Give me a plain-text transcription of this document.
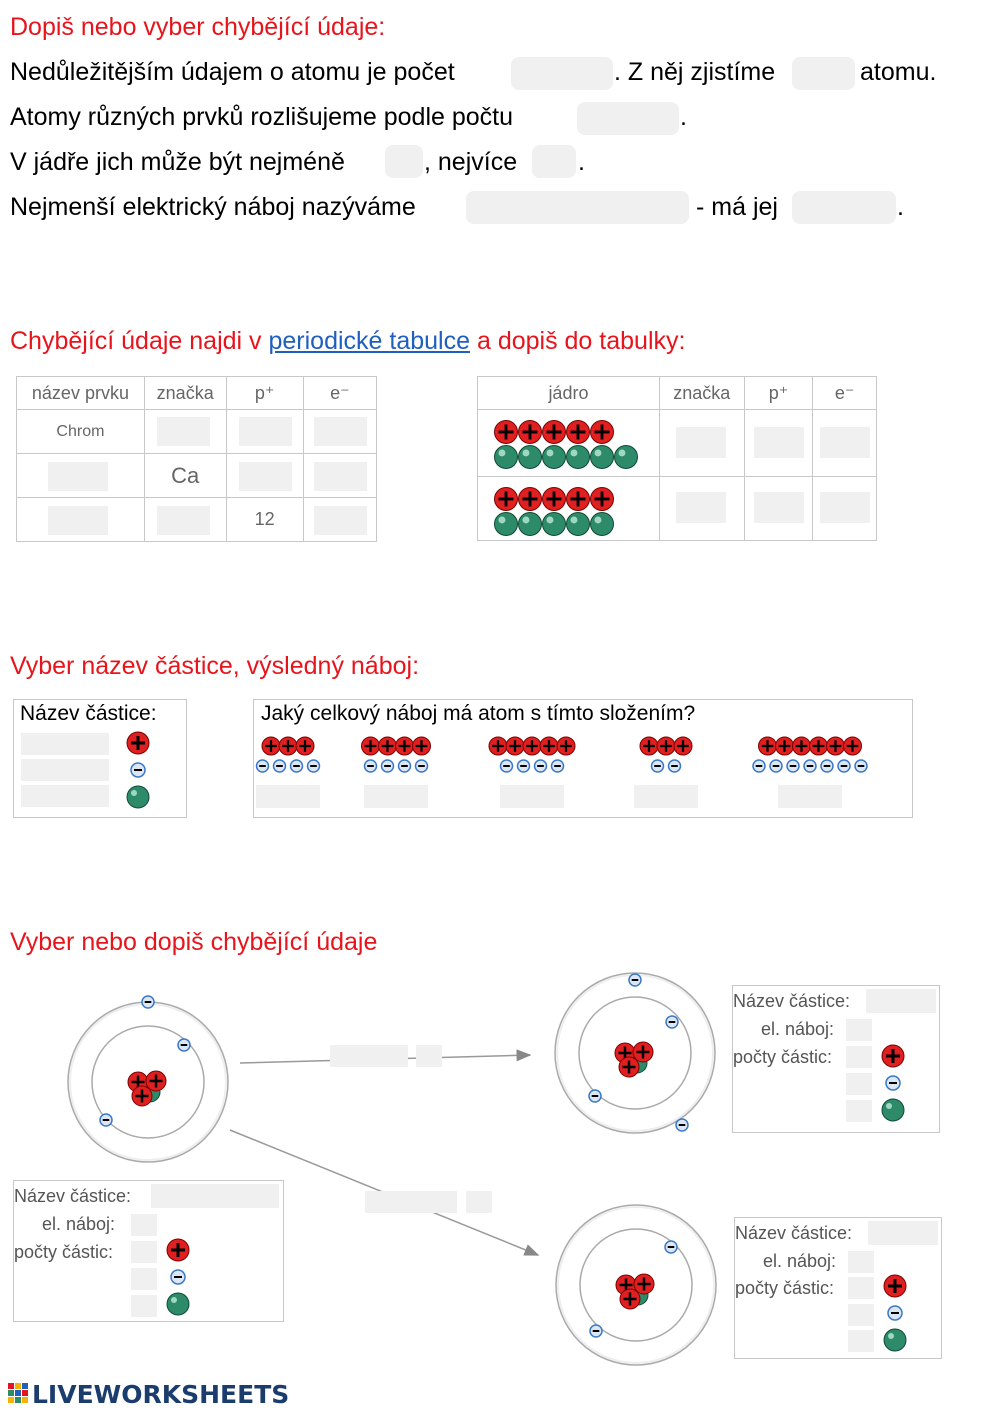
Dopiš nebo vyber chybějící údaje:
Nedůležitějším údajem o atomu je počet	. Z něj zjistíme	atomu.
Atomy různých prvků rozlišujeme podle počtu	.
V jádře jich může být nejméně	, nejvíce .
Nejmenší elektrický náboj nazýváme	- má jej	.
Chybějící údaje najdi v periodické tabulce a dopiš do tabulky:
název prvku	značka	p⁺	e⁻
Chrom	

	Ca	

	12	
jádro	značka	p⁺	e⁻

Vyber název částice, výsledný náboj:
Název částice:	Jaký celkový náboj má atom s tímto složením?
Vyber nebo dopiš chybějící údaje
Název částice:
el. náboj:
počty částic:
Název částice:
el. náboj:
počty částic:
Název částice:
el. náboj:
počty částic:
LIVEWORKSHEETS
